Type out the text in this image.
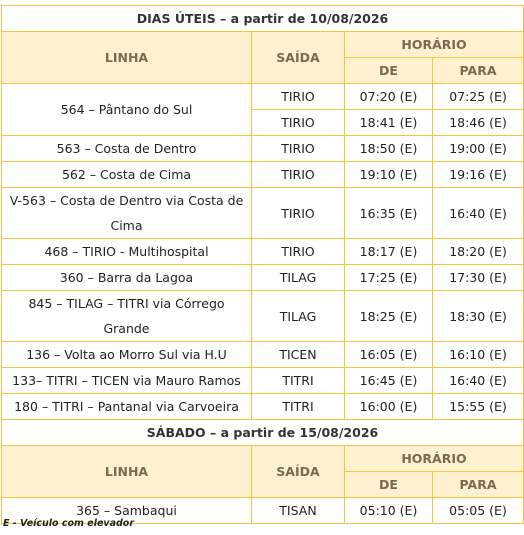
DIAS ÚTEIS – a partir de 10/08/2026			
LINHA	SAÍDA	HORÁRIO	
		DE	PARA
564 – Pântano do Sul	TIRIO	07:20 (E)	07:25 (E)
	TIRIO	18:41 (E)	18:46 (E)
563 – Costa de Dentro	TIRIO	18:50 (E)	19:00 (E)
562 – Costa de Cima	TIRIO	19:10 (E)	19:16 (E)
V-563 – Costa de Dentro via Costa de Cima	TIRIO	16:35 (E)	16:40 (E)
468 – TIRIO - Multihospital	TIRIO	18:17 (E)	18:20 (E)
360 – Barra da Lagoa	TILAG	17:25 (E)	17:30 (E)
845 – TILAG – TITRI via Córrego Grande	TILAG	18:25 (E)	18:30 (E)
136 – Volta ao Morro Sul via H.U	TICEN	16:05 (E)	16:10 (E)
133– TITRI – TICEN via Mauro Ramos	TITRI	16:45 (E)	16:40 (E)
180 – TITRI – Pantanal via Carvoeira	TITRI	16:00 (E)	15:55 (E)
SÁBADO – a partir de 15/08/2026			
LINHA	SAÍDA	HORÁRIO	
		DE	PARA
365 – Sambaqui	TISAN	05:10 (E)	05:05 (E)
E - Veículo com elevador
